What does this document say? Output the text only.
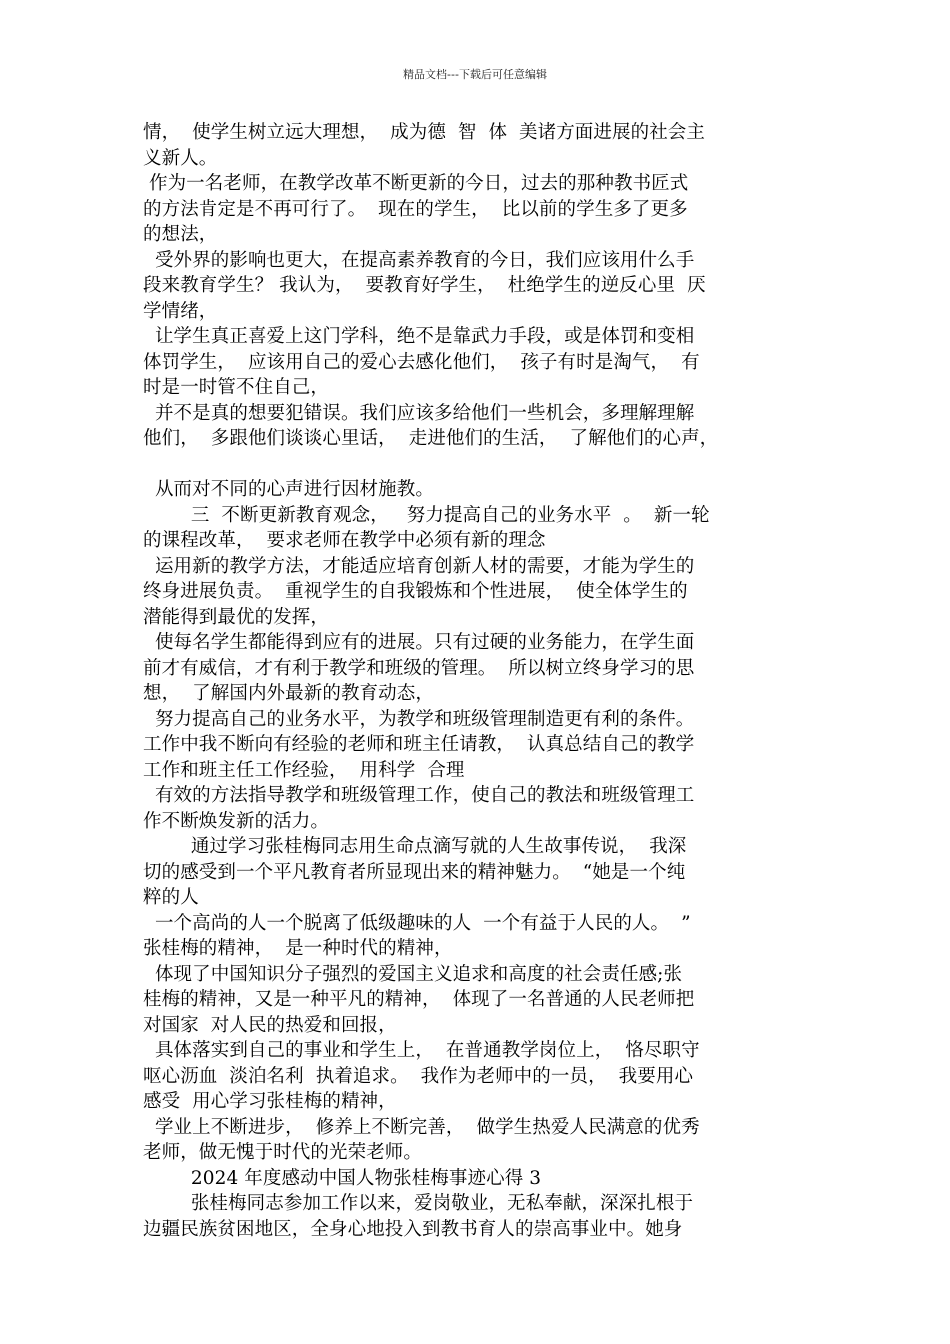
精品文档---下载后可任意编辑
情，  使学生树立远大理想，  成为德  智  体  美诸方面进展的社会主
义新人。
作为一名老师，在教学改革不断更新的今日，过去的那种教书匠式
的方法肯定是不再可行了。  现在的学生，  比以前的学生多了更多
的想法，
受外界的影响也更大，在提高素养教育的今日，我们应该用什么手
段来教育学生？ 我认为，  要教育好学生，  杜绝学生的逆反心里  厌
学情绪，
让学生真正喜爱上这门学科，绝不是靠武力手段，或是体罚和变相
体罚学生，  应该用自己的爱心去感化他们，  孩子有时是淘气，  有
时是一时管不住自己，
并不是真的想要犯错误。我们应该多给他们一些机会，多理解理解
他们，  多跟他们谈谈心里话，  走进他们的生活，  了解他们的心声，
从而对不同的心声进行因材施教。
三  不断更新教育观念，   努力提高自己的业务水平  。  新一轮
的课程改革，  要求老师在教学中必须有新的理念
运用新的教学方法，才能适应培育创新人材的需要，才能为学生的
终身进展负责。  重视学生的自我锻炼和个性进展，  使全体学生的
潜能得到最优的发挥，
使每名学生都能得到应有的进展。只有过硬的业务能力，在学生面
前才有威信，才有利于教学和班级的管理。  所以树立终身学习的思
想，  了解国内外最新的教育动态，
努力提高自己的业务水平，为教学和班级管理制造更有利的条件。
工作中我不断向有经验的老师和班主任请教，  认真总结自己的教学
工作和班主任工作经验，  用科学  合理
有效的方法指导教学和班级管理工作，使自己的教法和班级管理工
作不断焕发新的活力。
通过学习张桂梅同志用生命点滴写就的人生故事传说，  我深
切的感受到一个平凡教育者所显现出来的精神魅力。  “她是一个纯
粹的人
一个高尚的人一个脱离了低级趣味的人  一个有益于人民的人。  ”
张桂梅的精神，  是一种时代的精神，
体现了中国知识分子强烈的爱国主义追求和高度的社会责任感;张
桂梅的精神，又是一种平凡的精神，  体现了一名普通的人民老师把
对国家  对人民的热爱和回报，
具体落实到自己的事业和学生上，  在普通教学岗位上，  恪尽职守
呕心沥血  淡泊名利  执着追求。  我作为老师中的一员，  我要用心
感受  用心学习张桂梅的精神，
学业上不断进步，  修养上不断完善，  做学生热爱人民满意的优秀
老师，做无愧于时代的光荣老师。
2024 年度感动中国人物张桂梅事迹心得 3
张桂梅同志参加工作以来，爱岗敬业，无私奉献，深深扎根于
边疆民族贫困地区，全身心地投入到教书育人的崇高事业中。她身
